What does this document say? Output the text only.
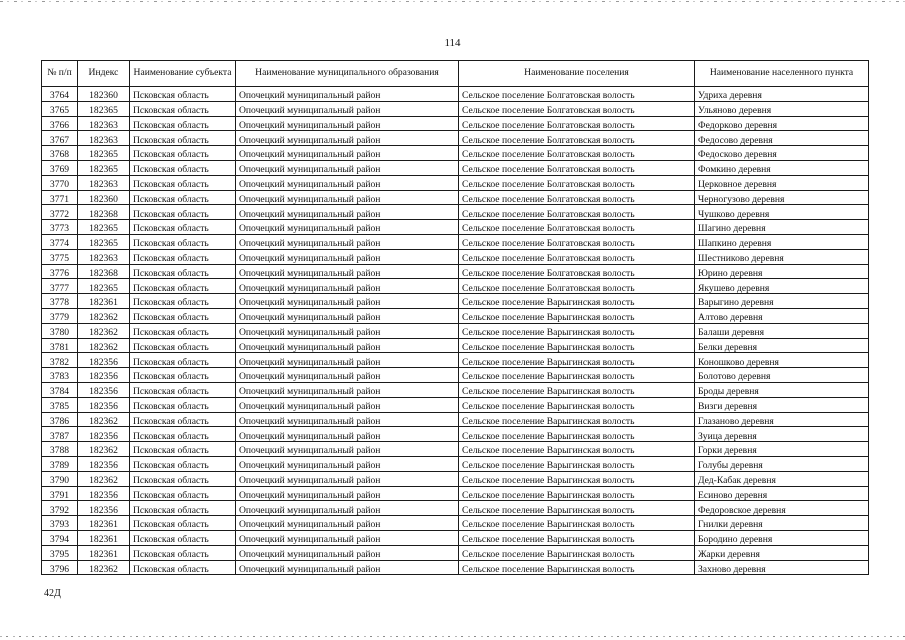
114
№ п/п	Индекс	Наименование субъекта	Наименование муниципального образования	Наименование поселения	Наименование населенного пункта
3764	182360	Псковская область	Опочецкий муниципальный район	Сельское поселение Болгатовская волость	Удриха деревня
3765	182365	Псковская область	Опочецкий муниципальный район	Сельское поселение Болгатовская волость	Ульяново деревня
3766	182363	Псковская область	Опочецкий муниципальный район	Сельское поселение Болгатовская волость	Федорково деревня
3767	182363	Псковская область	Опочецкий муниципальный район	Сельское поселение Болгатовская волость	Федосово деревня
3768	182365	Псковская область	Опочецкий муниципальный район	Сельское поселение Болгатовская волость	Федосково деревня
3769	182365	Псковская область	Опочецкий муниципальный район	Сельское поселение Болгатовская волость	Фомкино деревня
3770	182363	Псковская область	Опочецкий муниципальный район	Сельское поселение Болгатовская волость	Церковное деревня
3771	182360	Псковская область	Опочецкий муниципальный район	Сельское поселение Болгатовская волость	Черногузово деревня
3772	182368	Псковская область	Опочецкий муниципальный район	Сельское поселение Болгатовская волость	Чушково деревня
3773	182365	Псковская область	Опочецкий муниципальный район	Сельское поселение Болгатовская волость	Шагино деревня
3774	182365	Псковская область	Опочецкий муниципальный район	Сельское поселение Болгатовская волость	Шапкино деревня
3775	182363	Псковская область	Опочецкий муниципальный район	Сельское поселение Болгатовская волость	Шестниково деревня
3776	182368	Псковская область	Опочецкий муниципальный район	Сельское поселение Болгатовская волость	Юрино деревня
3777	182365	Псковская область	Опочецкий муниципальный район	Сельское поселение Болгатовская волость	Якушево деревня
3778	182361	Псковская область	Опочецкий муниципальный район	Сельское поселение Варыгинская волость	Варыгино деревня
3779	182362	Псковская область	Опочецкий муниципальный район	Сельское поселение Варыгинская волость	Алтово деревня
3780	182362	Псковская область	Опочецкий муниципальный район	Сельское поселение Варыгинская волость	Балаши деревня
3781	182362	Псковская область	Опочецкий муниципальный район	Сельское поселение Варыгинская волость	Белки деревня
3782	182356	Псковская область	Опочецкий муниципальный район	Сельское поселение Варыгинская волость	Коношково деревня
3783	182356	Псковская область	Опочецкий муниципальный район	Сельское поселение Варыгинская волость	Болотово деревня
3784	182356	Псковская область	Опочецкий муниципальный район	Сельское поселение Варыгинская волость	Броды деревня
3785	182356	Псковская область	Опочецкий муниципальный район	Сельское поселение Варыгинская волость	Визги деревня
3786	182362	Псковская область	Опочецкий муниципальный район	Сельское поселение Варыгинская волость	Глазаново деревня
3787	182356	Псковская область	Опочецкий муниципальный район	Сельское поселение Варыгинская волость	Зуица деревня
3788	182362	Псковская область	Опочецкий муниципальный район	Сельское поселение Варыгинская волость	Горки деревня
3789	182356	Псковская область	Опочецкий муниципальный район	Сельское поселение Варыгинская волость	Голубы деревня
3790	182362	Псковская область	Опочецкий муниципальный район	Сельское поселение Варыгинская волость	Дед-Кабак деревня
3791	182356	Псковская область	Опочецкий муниципальный район	Сельское поселение Варыгинская волость	Есиново деревня
3792	182356	Псковская область	Опочецкий муниципальный район	Сельское поселение Варыгинская волость	Федоровское деревня
3793	182361	Псковская область	Опочецкий муниципальный район	Сельское поселение Варыгинская волость	Гнилки деревня
3794	182361	Псковская область	Опочецкий муниципальный район	Сельское поселение Варыгинская волость	Бородино деревня
3795	182361	Псковская область	Опочецкий муниципальный район	Сельское поселение Варыгинская волость	Жарки деревня
3796	182362	Псковская область	Опочецкий муниципальный район	Сельское поселение Варыгинская волость	Захново деревня
42Д
